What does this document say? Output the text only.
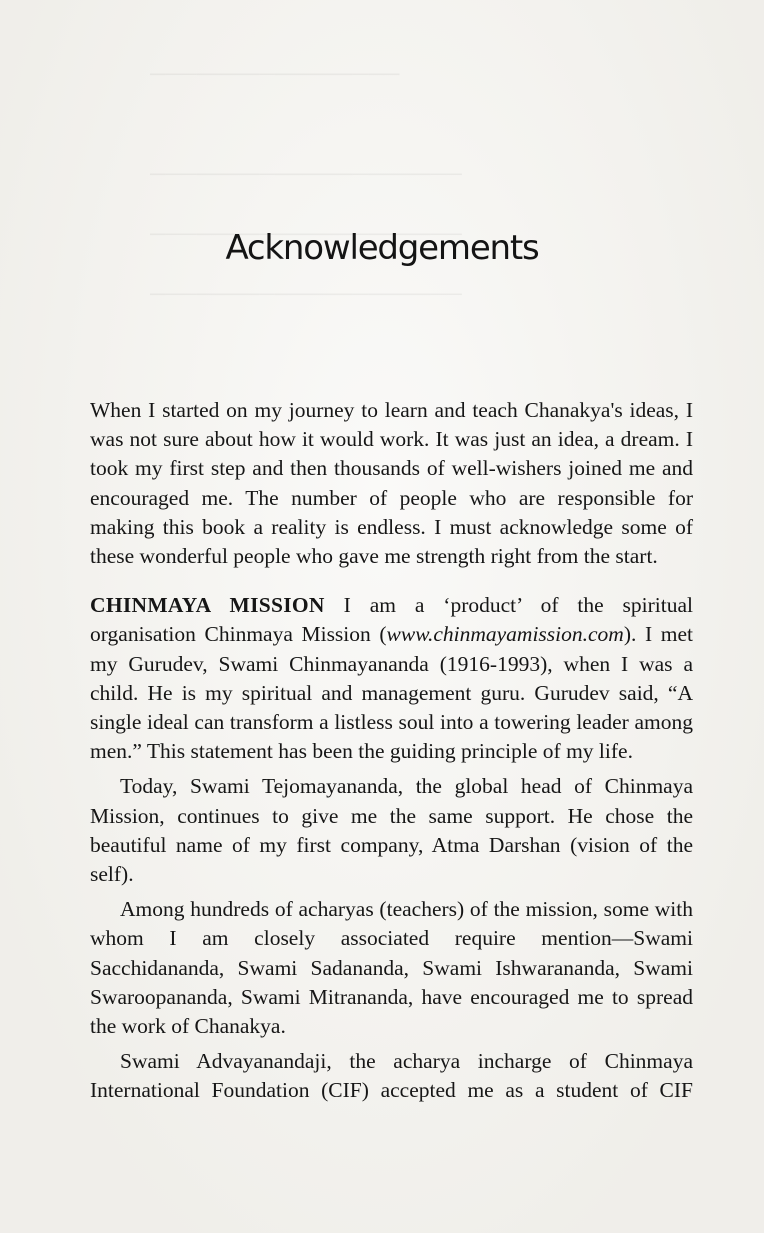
Acknowledgements

When I started on my journey to learn and teach Chanakya's ideas, I was not sure about how it would work. It was just an idea, a dream. I took my first step and then thousands of well-wishers joined me and encouraged me. The number of people who are responsible for making this book a reality is endless. I must acknowledge some of these wonderful people who gave me strength right from the start.

CHINMAYA MISSION I am a ‘product’ of the spiritual organisation Chinmaya Mission (www.chinmayamission.com). I met my Gurudev, Swami Chinmayananda (1916-1993), when I was a child. He is my spiritual and management guru. Gurudev said, “A single ideal can transform a listless soul into a towering leader among men.” This statement has been the guiding principle of my life.

Today, Swami Tejomayananda, the global head of Chinmaya Mission, continues to give me the same support. He chose the beautiful name of my first company, Atma Darshan (vision of the self).

Among hundreds of acharyas (teachers) of the mission, some with whom I am closely associated require mention—Swami Sacchidananda, Swami Sadananda, Swami Ishwarananda, Swami Swaroopananda, Swami Mitrananda, have encouraged me to spread the work of Chanakya.

Swami Advayanandaji, the acharya incharge of Chinmaya International Foundation (CIF) accepted me as a student of CIF
